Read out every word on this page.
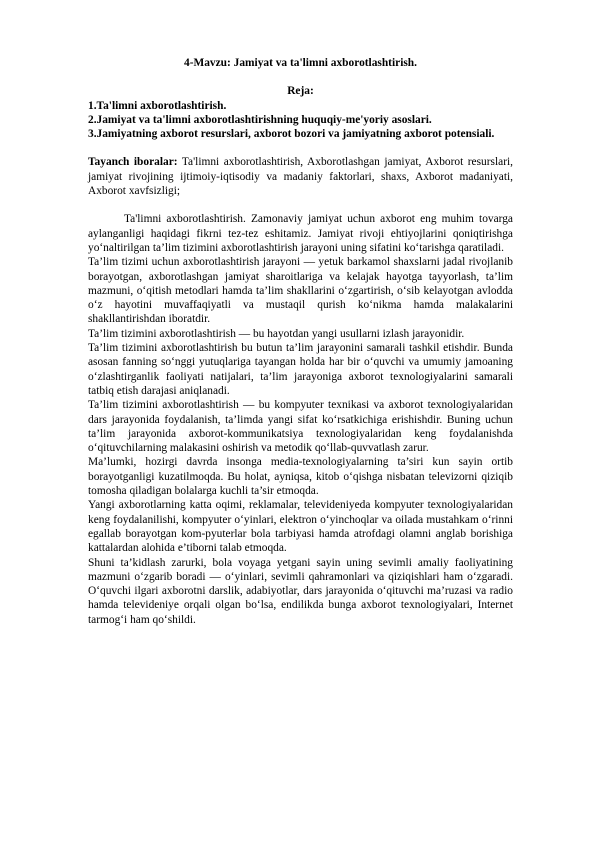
4-Mavzu: Jamiyat va ta'limni axborotlashtirish.

Reja:

1.Ta'limni axborotlashtirish.

2.Jamiyat va ta'limni axborotlashtirishning huquqiy-me'yoriy asoslari.

3.Jamiyatning axborot resurslari, axborot bozori va jamiyatning axborot potensiali.

Tayanch iboralar: Ta'limni axborotlashtirish, Axborotlashgan jamiyat, Axborot resurslari, jamiyat rivojining ijtimoiy-iqtisodiy va madaniy faktorlari, shaxs, Axborot madaniyati, Axborot xavfsizligi;

Ta'limni axborotlashtirish. Zamonaviy jamiyat uchun axborot eng muhim tovarga aylanganligi haqidagi fikrni tez-tez eshitamiz. Jamiyat rivoji ehtiyojlarini qoniqtirishga yo‘naltirilgan ta’lim tizimini axborotlashtirish jarayoni uning sifatini ko‘tarishga qaratiladi.

Ta’lim tizimi uchun axborotlashtirish jarayoni — yetuk barkamol shaxslarni jadal rivojlanib borayotgan, axborotlashgan jamiyat sharoitlariga va kelajak hayotga tayyorlash, ta’lim mazmuni, o‘qitish metodlari hamda ta’lim shakllarini o‘zgartirish, o‘sib kelayotgan avlodda o‘z hayotini muvaffaqiyatli va mustaqil qurish ko‘nikma hamda malakalarini shakllantirishdan iboratdir.

Ta’lim tizimini axborotlashtirish — bu hayotdan yangi usullarni izlash jarayonidir.

Ta’lim tizimini axborotlashtirish bu butun ta’lim jarayonini samarali tashkil etishdir. Bunda asosan fanning so‘nggi yutuqlariga tayangan holda har bir o‘quvchi va umumiy jamoaning o‘zlashtirganlik faoliyati natijalari, ta’lim jarayoniga axborot texnologiyalarini samarali tatbiq etish darajasi aniqlanadi.

Ta’lim tizimini axborotlashtirish — bu kompyuter texnikasi va axborot texnologiyalaridan dars jarayonida foydalanish, ta’limda yangi sifat ko‘rsatkichiga erishishdir. Buning uchun ta’lim jarayonida axborot-kommunikatsiya texnologiyalaridan keng foydalanishda o‘qituvchilarning malakasini oshirish va metodik qo‘llab-quvvatlash zarur.

Ma’lumki, hozirgi davrda insonga media-texnologiyalarning ta’siri kun sayin ortib borayotganligi kuzatilmoqda. Bu holat, ayniqsa, kitob o‘qishga nisbatan televizorni qiziqib tomosha qiladigan bolalarga kuchli ta’sir etmoqda.

Yangi axborotlarning katta oqimi, reklamalar, televideniyeda kompyuter texnologiyalaridan keng foydalanilishi, kompyuter o‘yinlari, elektron o‘yinchoqlar va oilada mustahkam o‘rinni egallab borayotgan kom-pyuterlar bola tarbiyasi hamda atrofdagi olamni anglab borishiga kattalardan alohida e’tiborni talab etmoqda.

Shuni ta’kidlash zarurki, bola voyaga yetgani sayin uning sevimli amaliy faoliyatining mazmuni o‘zgarib boradi — o‘yinlari, sevimli qahramonlari va qiziqishlari ham o‘zgaradi. O‘quvchi ilgari axborotni darslik, adabiyotlar, dars jarayonida o‘qituvchi ma’ruzasi va radio hamda televideniye orqali olgan bo‘lsa, endilikda bunga axborot texnologiyalari, Internet tarmog‘i ham qo‘shildi.
